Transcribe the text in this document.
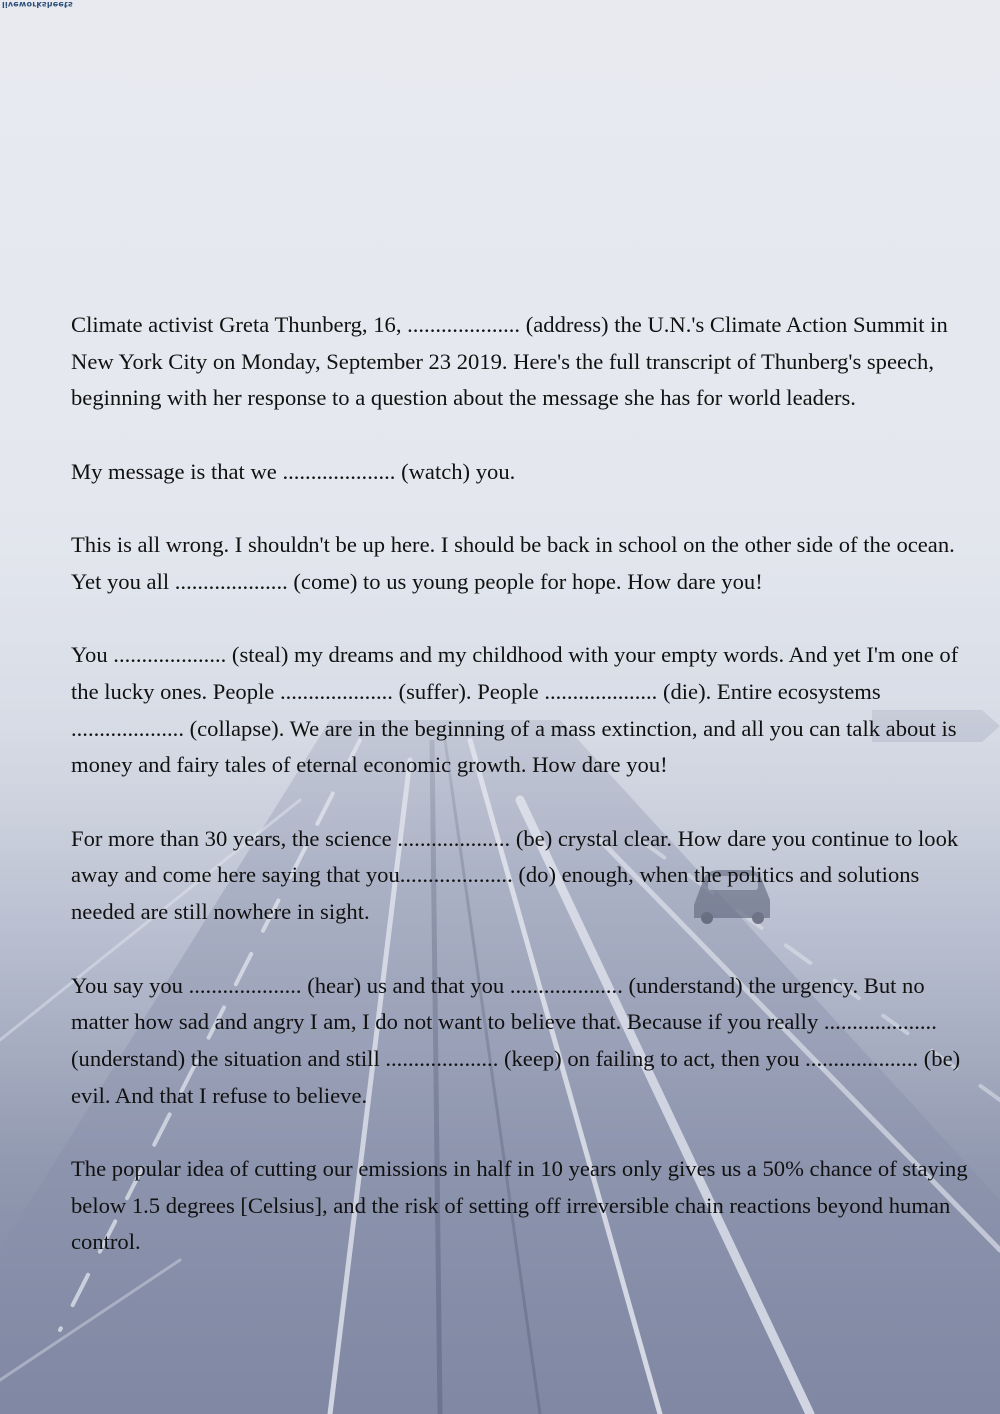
liveworksheets

Climate activist Greta Thunberg, 16, .................... (address) the U.N.'s Climate Action Summit in New York City on Monday, September 23 2019. Here's the full transcript of Thunberg's speech, beginning with her response to a question about the message she has for world leaders.

My message is that we .................... (watch) you.

This is all wrong. I shouldn't be up here. I should be back in school on the other side of the ocean. Yet you all .................... (come) to us young people for hope. How dare you!

You .................... (steal) my dreams and my childhood with your empty words. And yet I'm one of the lucky ones. People .................... (suffer). People .................... (die). Entire ecosystems .................... (collapse). We are in the beginning of a mass extinction, and all you can talk about is money and fairy tales of eternal economic growth. How dare you!

For more than 30 years, the science .................... (be) crystal clear. How dare you continue to look away and come here saying that you.................... (do) enough, when the politics and solutions needed are still nowhere in sight.

You say you .................... (hear) us and that you .................... (understand) the urgency. But no matter how sad and angry I am, I do not want to believe that. Because if you really .................... (understand) the situation and still .................... (keep) on failing to act, then you .................... (be) evil. And that I refuse to believe.

The popular idea of cutting our emissions in half in 10 years only gives us a 50% chance of staying below 1.5 degrees [Celsius], and the risk of setting off irreversible chain reactions beyond human control.
